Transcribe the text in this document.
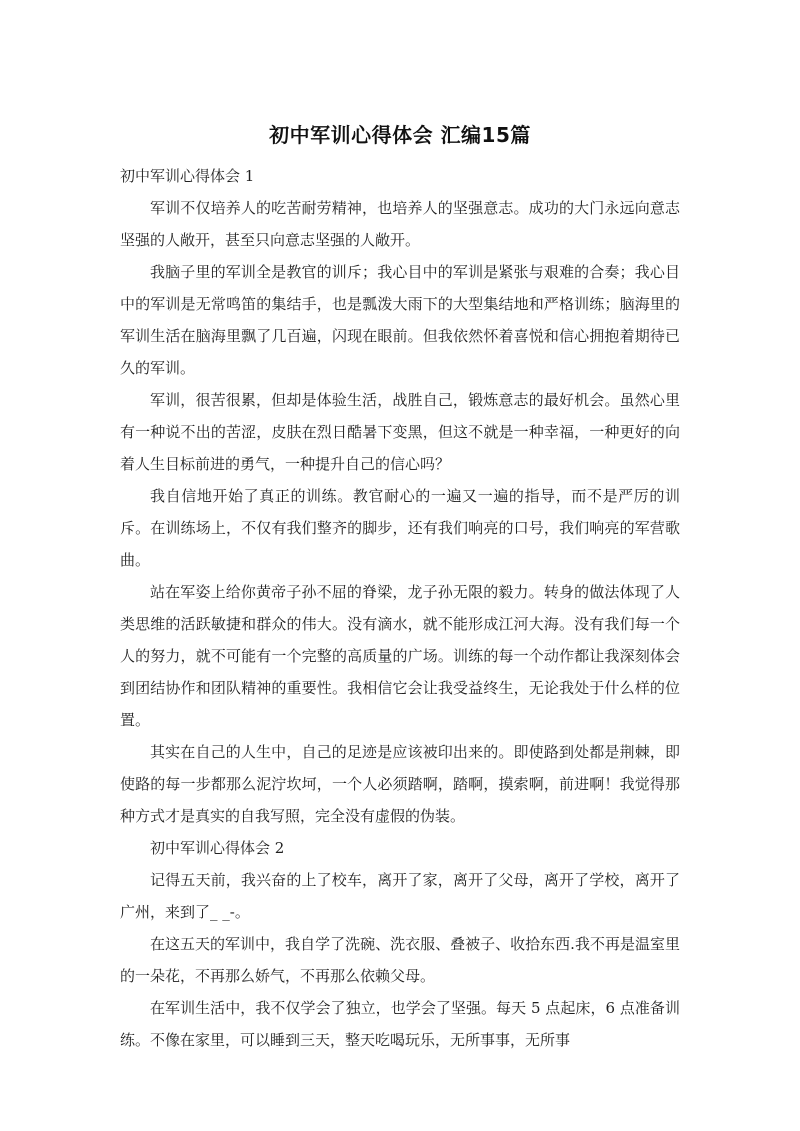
初中军训心得体会 汇编15篇

初中军训心得体会 1

军训不仅培养人的吃苦耐劳精神，也培养人的坚强意志。成功的大门永远向意志坚强的人敞开，甚至只向意志坚强的人敞开。

我脑子里的军训全是教官的训斥；我心目中的军训是紧张与艰难的合奏；我心目中的军训是无常鸣笛的集结手，也是瓢泼大雨下的大型集结地和严格训练；脑海里的军训生活在脑海里飘了几百遍，闪现在眼前。但我依然怀着喜悦和信心拥抱着期待已久的军训。

军训，很苦很累，但却是体验生活，战胜自己，锻炼意志的最好机会。虽然心里有一种说不出的苦涩，皮肤在烈日酷暑下变黑，但这不就是一种幸福，一种更好的向着人生目标前进的勇气，一种提升自己的信心吗？

我自信地开始了真正的训练。教官耐心的一遍又一遍的指导，而不是严厉的训斥。在训练场上，不仅有我们整齐的脚步，还有我们响亮的口号，我们响亮的军营歌曲。

站在军姿上给你黄帝子孙不屈的脊梁，龙子孙无限的毅力。转身的做法体现了人类思维的活跃敏捷和群众的伟大。没有滴水，就不能形成江河大海。没有我们每一个人的努力，就不可能有一个完整的高质量的广场。训练的每一个动作都让我深刻体会到团结协作和团队精神的重要性。我相信它会让我受益终生，无论我处于什么样的位置。

其实在自己的人生中，自己的足迹是应该被印出来的。即使路到处都是荆棘，即使路的每一步都那么泥泞坎坷，一个人必须踏啊，踏啊，摸索啊，前进啊！我觉得那种方式才是真实的自我写照，完全没有虚假的伪装。

初中军训心得体会 2

记得五天前，我兴奋的上了校车，离开了家，离开了父母，离开了学校，离开了广州，来到了_ _-。

在这五天的军训中，我自学了洗碗、洗衣服、叠被子、收拾东西.我不再是温室里的一朵花，不再那么娇气，不再那么依赖父母。

在军训生活中，我不仅学会了独立，也学会了坚强。每天 5 点起床，6 点准备训练。不像在家里，可以睡到三天，整天吃喝玩乐，无所事事，无所事
